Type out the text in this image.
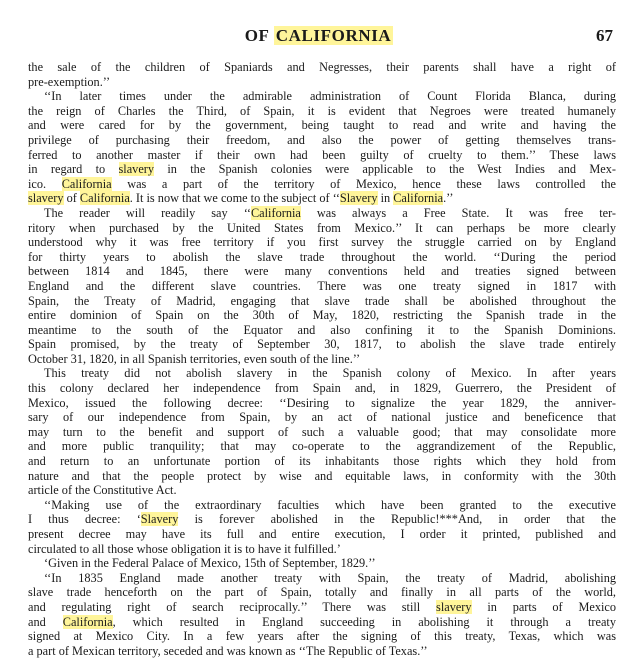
OF CALIFORNIA	67
the sale of the children of Spaniards and Negresses, their parents shall have a right of
pre-exemption.’’
‘‘In later times under the admirable administration of Count Florida Blanca, during
the reign of Charles the Third, of Spain, it is evident that Negroes were treated humanely
and were cared for by the government, being taught to read and write and having the
privilege of purchasing their freedom, and also the power of getting themselves trans-
ferred to another master if their own had been guilty of cruelty to them.’’ These laws
in regard to slavery in the Spanish colonies were applicable to the West Indies and Mex-
ico. California was a part of the territory of Mexico, hence these laws controlled the
slavery of California. It is now that we come to the subject of ‘‘Slavery in California.’’
The reader will readily say ‘‘California was always a Free State. It was free ter-
ritory when purchased by the United States from Mexico.’’ It can perhaps be more clearly
understood why it was free territory if you first survey the struggle carried on by England
for thirty years to abolish the slave trade throughout the world. ‘‘During the period
between 1814 and 1845, there were many conventions held and treaties signed between
England and the different slave countries. There was one treaty signed in 1817 with
Spain, the Treaty of Madrid, engaging that slave trade shall be abolished throughout the
entire dominion of Spain on the 30th of May, 1820, restricting the Spanish trade in the
meantime to the south of the Equator and also confining it to the Spanish Dominions.
Spain promised, by the treaty of September 30, 1817, to abolish the slave trade entirely
October 31, 1820, in all Spanish territories, even south of the line.’’
This treaty did not abolish slavery in the Spanish colony of Mexico. In after years
this colony declared her independence from Spain and, in 1829, Guerrero, the President of
Mexico, issued the following decree: ‘‘Desiring to signalize the year 1829, the anniver-
sary of our independence from Spain, by an act of national justice and beneficence that
may turn to the benefit and support of such a valuable good; that may consolidate more
and more public tranquility; that may co-operate to the aggrandizement of the Republic,
and return to an unfortunate portion of its inhabitants those rights which they hold from
nature and that the people protect by wise and equitable laws, in conformity with the 30th
article of the Constitutive Act.
‘‘Making use of the extraordinary faculties which have been granted to the executive
I thus decree: ‘Slavery is forever abolished in the Republic!***And, in order that the
present decree may have its full and entire execution, I order it printed, published and
circulated to all those whose obligation it is to have it fulfilled.’
‘Given in the Federal Palace of Mexico, 15th of September, 1829.’’
‘‘In 1835 England made another treaty with Spain, the treaty of Madrid, abolishing
slave trade henceforth on the part of Spain, totally and finally in all parts of the world,
and regulating right of search reciprocally.’’ There was still slavery in parts of Mexico
and California, which resulted in England succeeding in abolishing it through a treaty
signed at Mexico City. In a few years after the signing of this treaty, Texas, which was
a part of Mexican territory, seceded and was known as ‘‘The Republic of Texas.’’
